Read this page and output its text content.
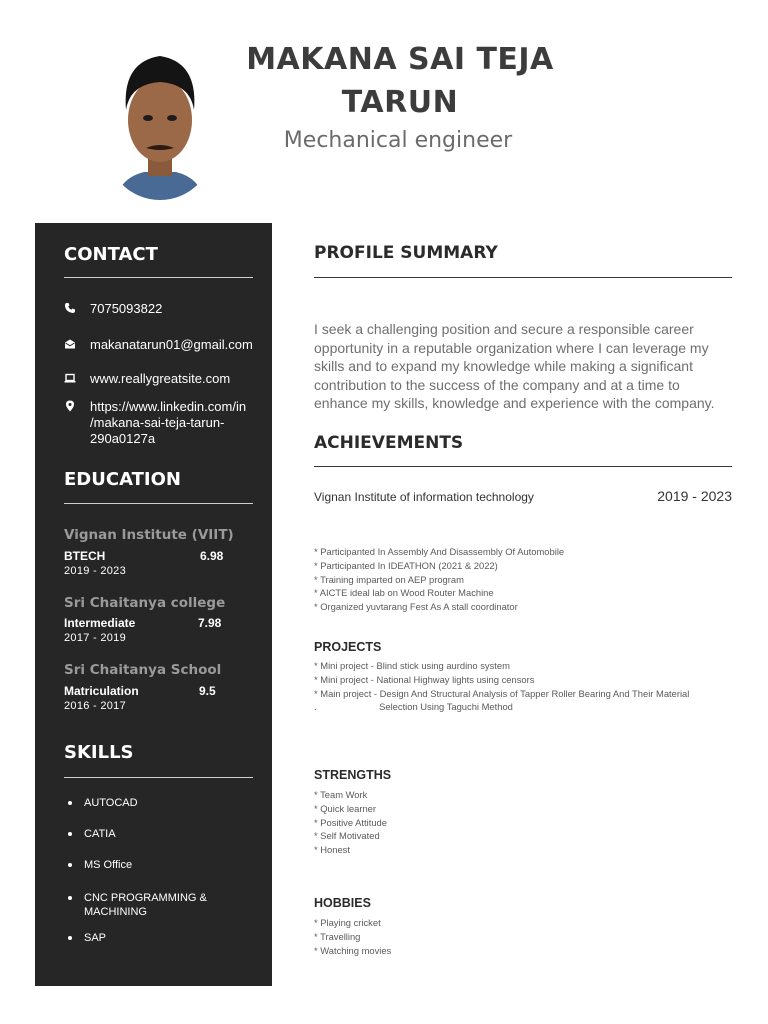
MAKANA SAI TEJA TARUN
Mechanical engineer
CONTACT
7075093822
makanatarun01@gmail.com
www.reallygreatsite.com
https://www.linkedin.com/in
/makana-sai-teja-tarun-
290a0127a
EDUCATION
Vignan Institute (VIIT)
BTECH	6.98
2019 - 2023
Sri Chaitanya college
Intermediate	7.98
2017 - 2019
Sri Chaitanya School
Matriculation	9.5
2016 - 2017
SKILLS
AUTOCAD
CATIA
MS Office
CNC PROGRAMMING & MACHINING
SAP
PROFILE SUMMARY
I seek a challenging position and secure a responsible career opportunity in a reputable organization where I can leverage my skills and to expand my knowledge while making a significant contribution to the success of the company and at a time to enhance my skills, knowledge and experience with the company.
ACHIEVEMENTS
Vignan Institute of information technology	2019 - 2023
* Participanted In Assembly And Disassembly Of Automobile
* Participanted In IDEATHON (2021 & 2022)
* Training imparted on AEP program
* AICTE ideal lab on Wood Router Machine
* Organized yuvtarang Fest As A stall coordinator
PROJECTS
* Mini project - Blind stick using aurdino system
* Mini project - National Highway lights using censors
* Main project - Design And Structural Analysis of Tapper Roller Bearing And Their Material
.                        Selection Using Taguchi Method
STRENGTHS
* Team Work
* Quick learner
* Positive Attitude
* Self Motivated
* Honest
HOBBIES
* Playing cricket
* Travelling
* Watching movies
